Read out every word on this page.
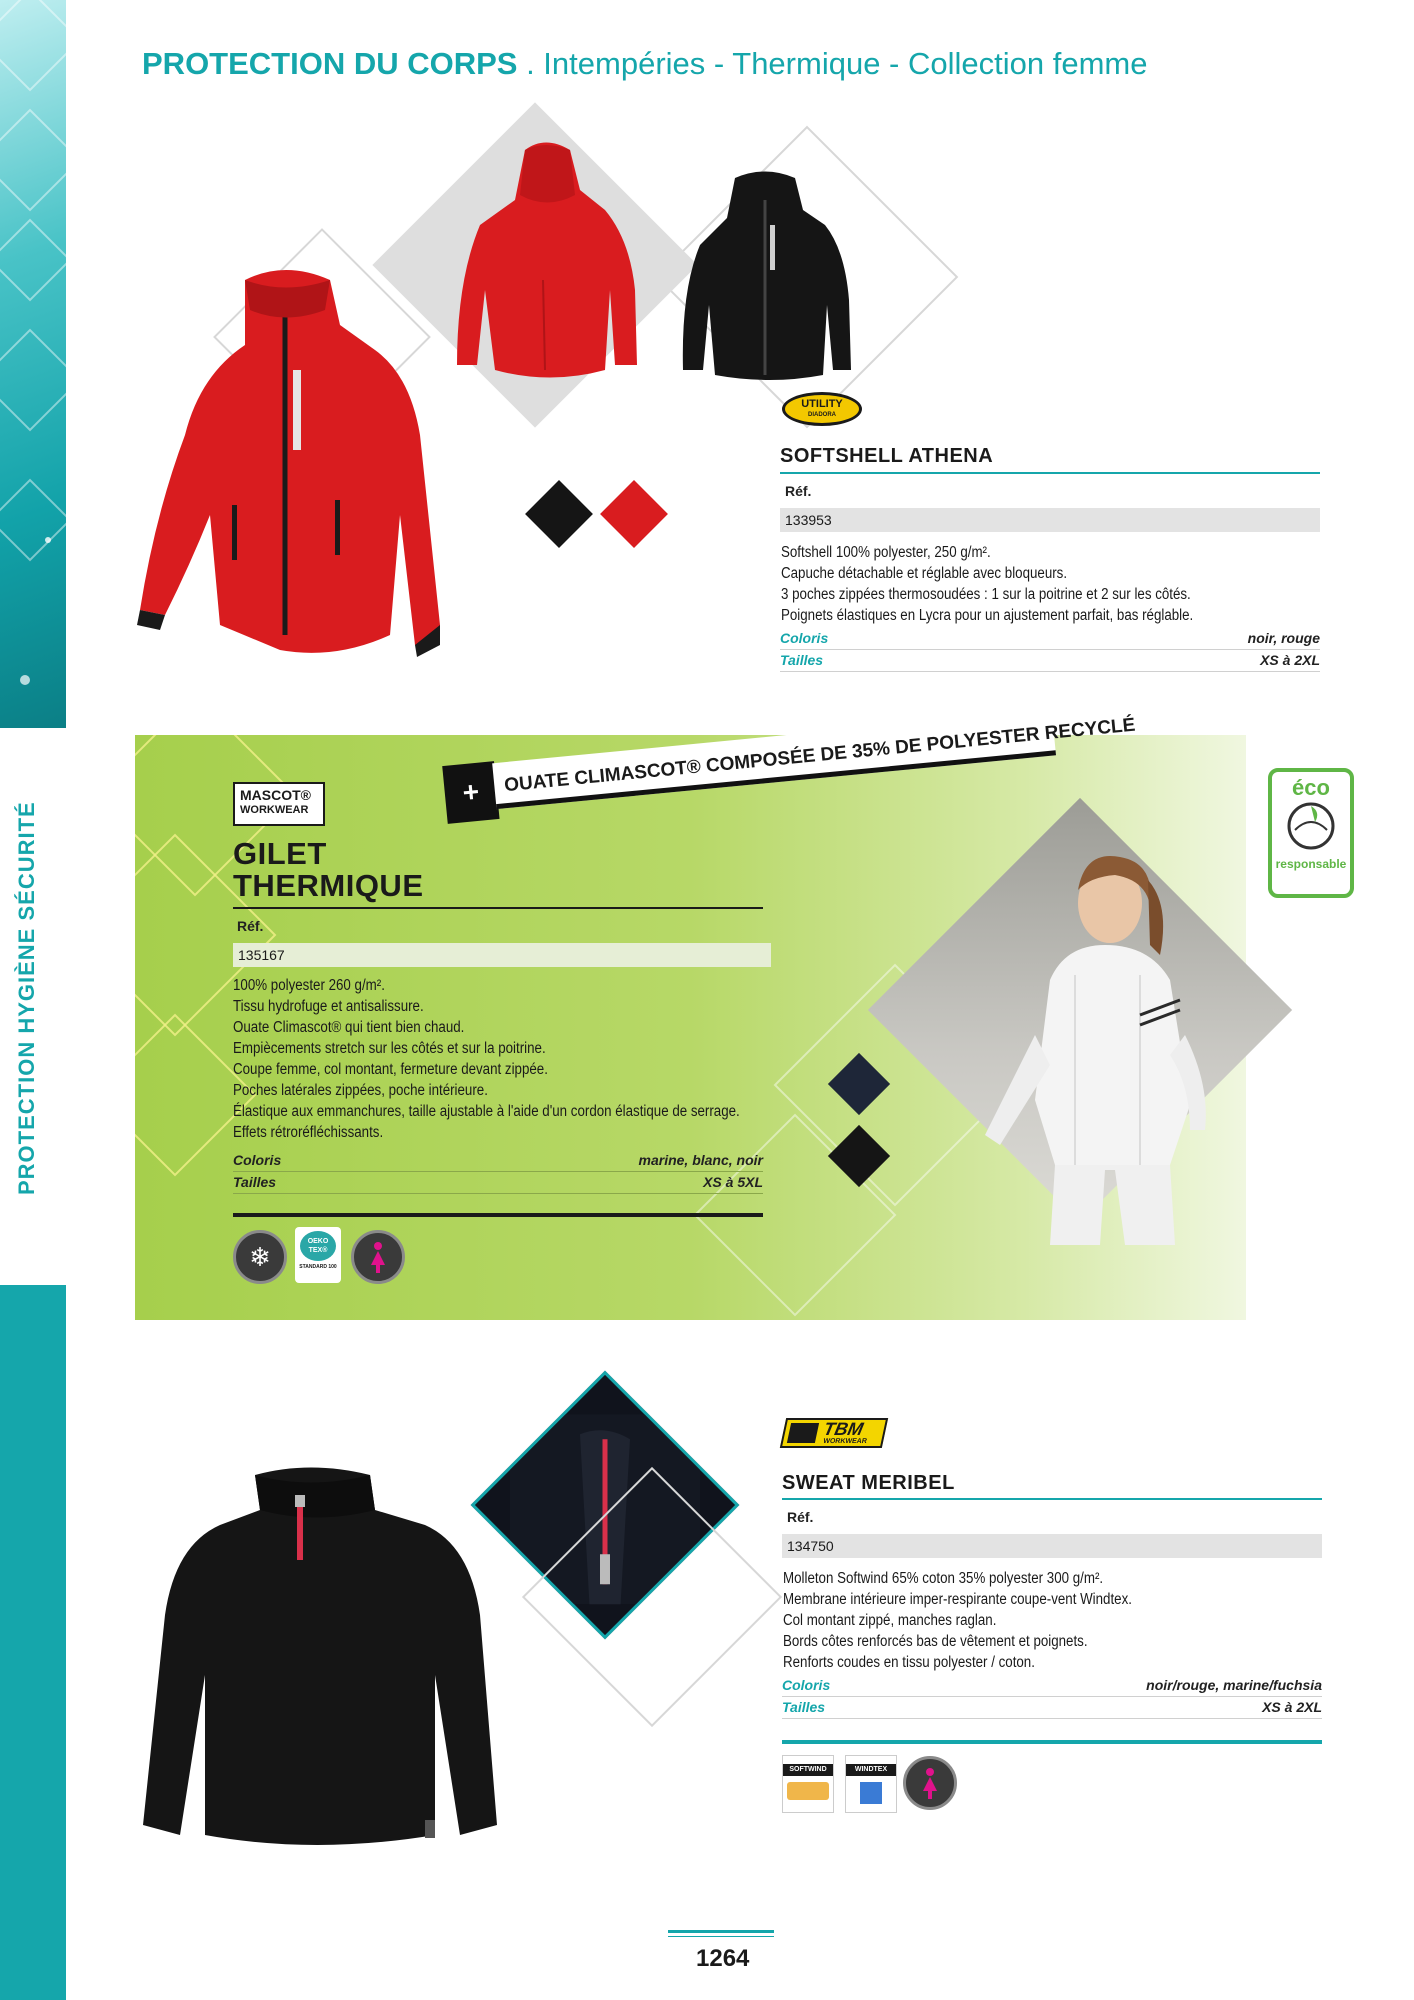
PROTECTION HYGIÈNE SÉCURITÉ
PROTECTION DU CORPS . Intempéries - Thermique - Collection femme
UTILITY
DIADORA
SOFTSHELL ATHENA
Réf.
133953
Softshell 100% polyester, 250 g/m².
Capuche détachable et réglable avec bloqueurs.
3 poches zippées thermosoudées : 1 sur la poitrine et 2 sur les côtés.
Poignets élastiques en Lycra pour un ajustement parfait, bas réglable.
Coloris	noir, rouge
Tailles	XS à 2XL
+	OUATE CLIMASCOT® COMPOSÉE DE 35% DE POLYESTER RECYCLÉ
MASCOT®
WORKWEAR
GILET
THERMIQUE
Réf.
135167
100% polyester 260 g/m².
Tissu hydrofuge et antisalissure.
Ouate Climascot® qui tient bien chaud.
Empiècements stretch sur les côtés et sur la poitrine.
Coupe femme, col montant, fermeture devant zippée.
Poches latérales zippées, poche intérieure.
Élastique aux emmanchures, taille ajustable à l'aide d'un cordon élastique de serrage.
Effets rétroréfléchissants.
Coloris	marine, blanc, noir
Tailles	XS à 5XL
❄
OEKO
TEX®
STANDARD 100
éco
responsable
TBM
WORKWEAR
SWEAT MERIBEL
Réf.
134750
Molleton Softwind 65% coton 35% polyester 300 g/m².
Membrane intérieure imper-respirante coupe-vent Windtex.
Col montant zippé, manches raglan.
Bords côtes renforcés bas de vêtement et poignets.
Renforts coudes en tissu polyester / coton.
Coloris	noir/rouge, marine/fuchsia
Tailles	XS à 2XL
SOFTWIND	WINDTEX
1264
